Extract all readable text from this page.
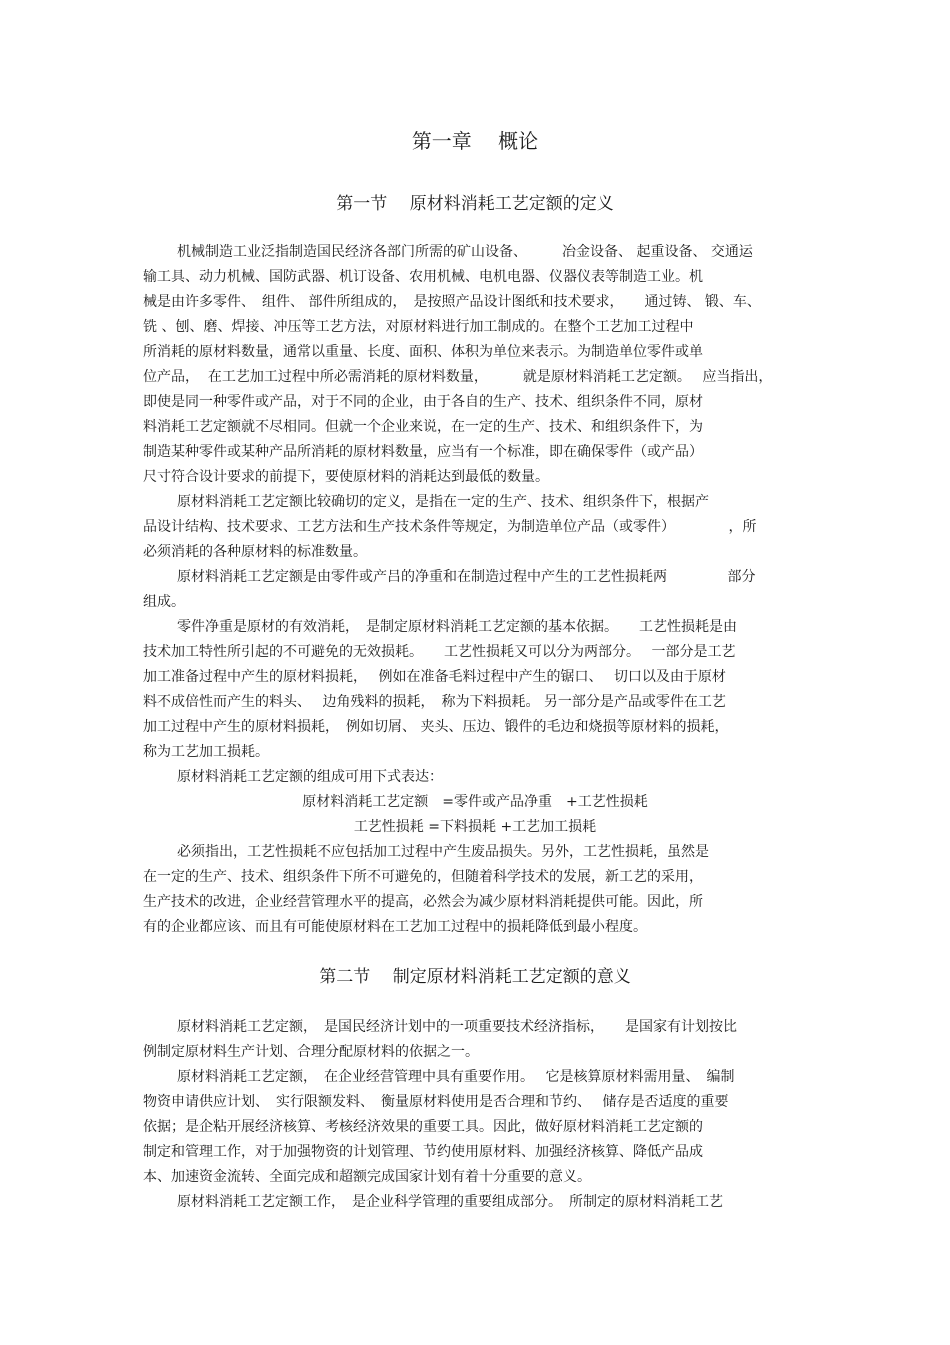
第一章　 概论
第一节　 原材料消耗工艺定额的定义
机械制造工业泛指制造国民经济各部门所需的矿山设备、　　　冶金设备、 起重设备、 交通运
输工具、动力机械、国防武器、机订设备、农用机械、电机电器、仪器仪表等制造工业。机
械是由许多零件、　组件、 部件所组成的，　是按照产品设计图纸和技术要求，　　通过铸、 锻、车、
铣 、刨、磨、焊接、冲压等工艺方法，对原材料进行加工制成的。在整个工艺加工过程中
所消耗的原材料数量，通常以重量、长度、面积、体积为单位来表示。为制造单位零件或单
位产品，  在工艺加工过程中所必需消耗的原材料数量，　　　就是原材料消耗工艺定额。　 应当指出，
即使是同一种零件或产品，对于不同的企业，由于各自的生产、技术、组织条件不同，原材
料消耗工艺定额就不尽相同。但就一个企业来说，在一定的生产、技术、和组织条件下，为
制造某种零件或某种产品所消耗的原材料数量，应当有一个标准，即在确保零件（或产品）
尺寸符合设计要求的前提下，要使原材料的消耗达到最低的数量。
原材料消耗工艺定额比较确切的定义，是指在一定的生产、技术、组织条件下，根据产
品设计结构、技术要求、工艺方法和生产技术条件等规定，为制造单位产品（或零件）　　　　 ，所
必须消耗的各种原材料的标准数量。
原材料消耗工艺定额是由零件或产吕的净重和在制造过程中产生的工艺性损耗两　　　　 部分
组成。
零件净重是原材的有效消耗，　是制定原材料消耗工艺定额的基本依据。　　工艺性损耗是由
技术加工特性所引起的不可避免的无效损耗。　　工艺性损耗又可以分为两部分。　 一部分是工艺
加工准备过程中产生的原材料损耗，　 例如在准备毛料过程中产生的锯口、　 切口以及由于原材
料不成倍性而产生的料头、　 边角残料的损耗，　称为下料损耗。 另一部分是产品或零件在工艺
加工过程中产生的原材料损耗，　例如切屑、 夹头、压边、锻件的毛边和烧损等原材料的损耗，
称为工艺加工损耗。
原材料消耗工艺定额的组成可用下式表达：
原材料消耗工艺定额　=零件或产品净重　+工艺性损耗
工艺性损耗 =下料损耗 +工艺加工损耗
必须指出，工艺性损耗不应包括加工过程中产生废品损失。另外，工艺性损耗，虽然是
在一定的生产、技术、组织条件下所不可避免的，但随着科学技术的发展，新工艺的采用，
生产技术的改进，企业经营管理水平的提高，必然会为减少原材料消耗提供可能。因此，所
有的企业都应该、而且有可能使原材料在工艺加工过程中的损耗降低到最小程度。
第二节　 制定原材料消耗工艺定额的意义
原材料消耗工艺定额，　是国民经济计划中的一项重要技术经济指标，　　是国家有计划按比
例制定原材料生产计划、合理分配原材料的依据之一。
原材料消耗工艺定额，　在企业经营管理中具有重要作用。　 它是核算原材料需用量、　编制
物资申请供应计划、　实行限额发料、　衡量原材料使用是否合理和节约、　 储存是否适度的重要
依据；是企粘开展经济核算、考核经济效果的重要工具。因此，做好原材料消耗工艺定额的
制定和管理工作，对于加强物资的计划管理、节约使用原材料、加强经济核算、降低产品成
本、加速资金流转、全面完成和超额完成国家计划有着十分重要的意义。
原材料消耗工艺定额工作，　是企业科学管理的重要组成部分。　所制定的原材料消耗工艺
